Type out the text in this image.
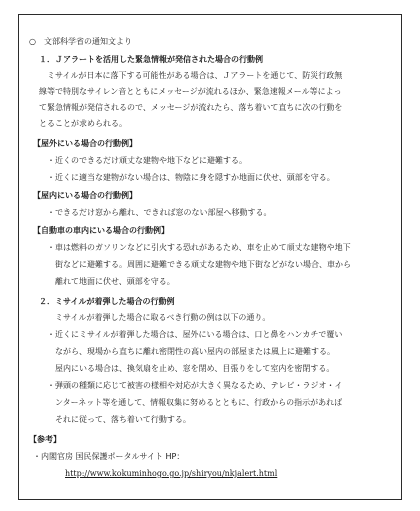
○　文部科学省の通知文より
１．Ｊアラートを活用した緊急情報が発信された場合の行動例
　ミサイルが日本に落下する可能性がある場合は、Ｊアラートを通じて、防災行政無
線等で特別なサイレン音とともにメッセージが流れるほか、緊急速報メール等によっ
て緊急情報が発信されるので、メッセージが流れたら、落ち着いて直ちに次の行動を
とることが求められる。
【屋外にいる場合の行動例】
・近くのできるだけ頑丈な建物や地下などに避難する。
・近くに適当な建物がない場合は、物陰に身を隠すか地面に伏せ、頭部を守る。
【屋内にいる場合の行動例】
・できるだけ窓から離れ、できれば窓のない部屋へ移動する。
【自動車の車内にいる場合の行動例】
・車は燃料のガソリンなどに引火する恐れがあるため、車を止めて頑丈な建物や地下
　街などに避難する。周囲に避難できる頑丈な建物や地下街などがない場合、車から
　離れて地面に伏せ、頭部を守る。
２．ミサイルが着弾した場合の行動例
　ミサイルが着弾した場合に取るべき行動の例は以下の通り。
・近くにミサイルが着弾した場合は、屋外にいる場合は、口と鼻をハンカチで覆い
　ながら、現場から直ちに離れ密閉性の高い屋内の部屋または風上に避難する。
　屋内にいる場合は、換気扇を止め、窓を閉め、目張りをして室内を密閉する。
・弾頭の種類に応じて被害の様相や対応が大きく異なるため、テレビ・ラジオ・イ
　ンターネット等を通して、情報収集に努めるとともに、行政からの指示があれば
　それに従って、落ち着いて行動する。
【参考】
・内閣官房 国民保護ポータルサイト HP：
http://www.kokuminhogo.go.jp/shiryou/nkjalert.html
